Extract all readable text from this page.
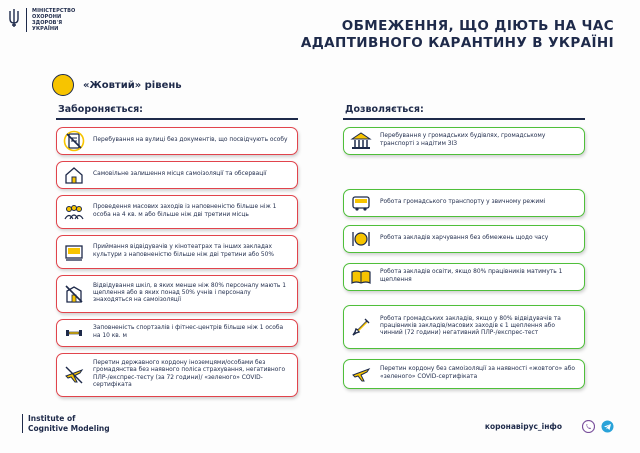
МІНІСТЕРСТВО
ОХОРОНИ
ЗДОРОВ'Я
УКРАЇНИ	ОБМЕЖЕННЯ, ЩО ДІЮТЬ НА ЧАС
АДАПТИВНОГО КАРАНТИНУ В УКРАЇНІ
«Жовтий» рівень
Забороняється:
Перебування на вулиці без документів, що посвідчують особу
Самовільне залишення місця самоізоляції та обсервації
Проведення масових заходів із наповненістю більше ніж 1 особа на 4 кв. м або більше ніж дві третини місць
Приймання відвідувачів у кінотеатрах та інших закладах культури з наповненістю більше ніж дві третини або 50%
Відвідування шкіл, в яких менше ніж 80% персоналу мають 1 щеплення або в яких понад 50% учнів і персоналу знаходяться на самоізоляції
Заповненість спортзалів і фітнес-центрів більше ніж 1 особа на 10 кв. м
Перетин державного кордону іноземцями/особами без громадянства без наявного поліса страхування, негативного ПЛР-/експрес-тесту (за 72 години)/ «зеленого» COVID-сертифіката
Дозволяється:
Перебування у громадських будівлях, громадському транспорті з надітим ЗІЗ
Робота громадського транспорту у звичному режимі
Робота закладів харчування без обмежень щодо часу
Робота закладів освіти, якщо 80% працівників матимуть 1 щеплення
Робота громадських закладів, якщо у 80% відвідувачів та працівників закладів/масових заходів є 1 щеплення або чинний (72 години) негативний ПЛР-/експрес-тест
Перетин кордону без самоізоляції за наявності «жовтого» або «зеленого» COVID-сертифіката
Institute of
Cognitive Modeling	коронавірус_інфо
